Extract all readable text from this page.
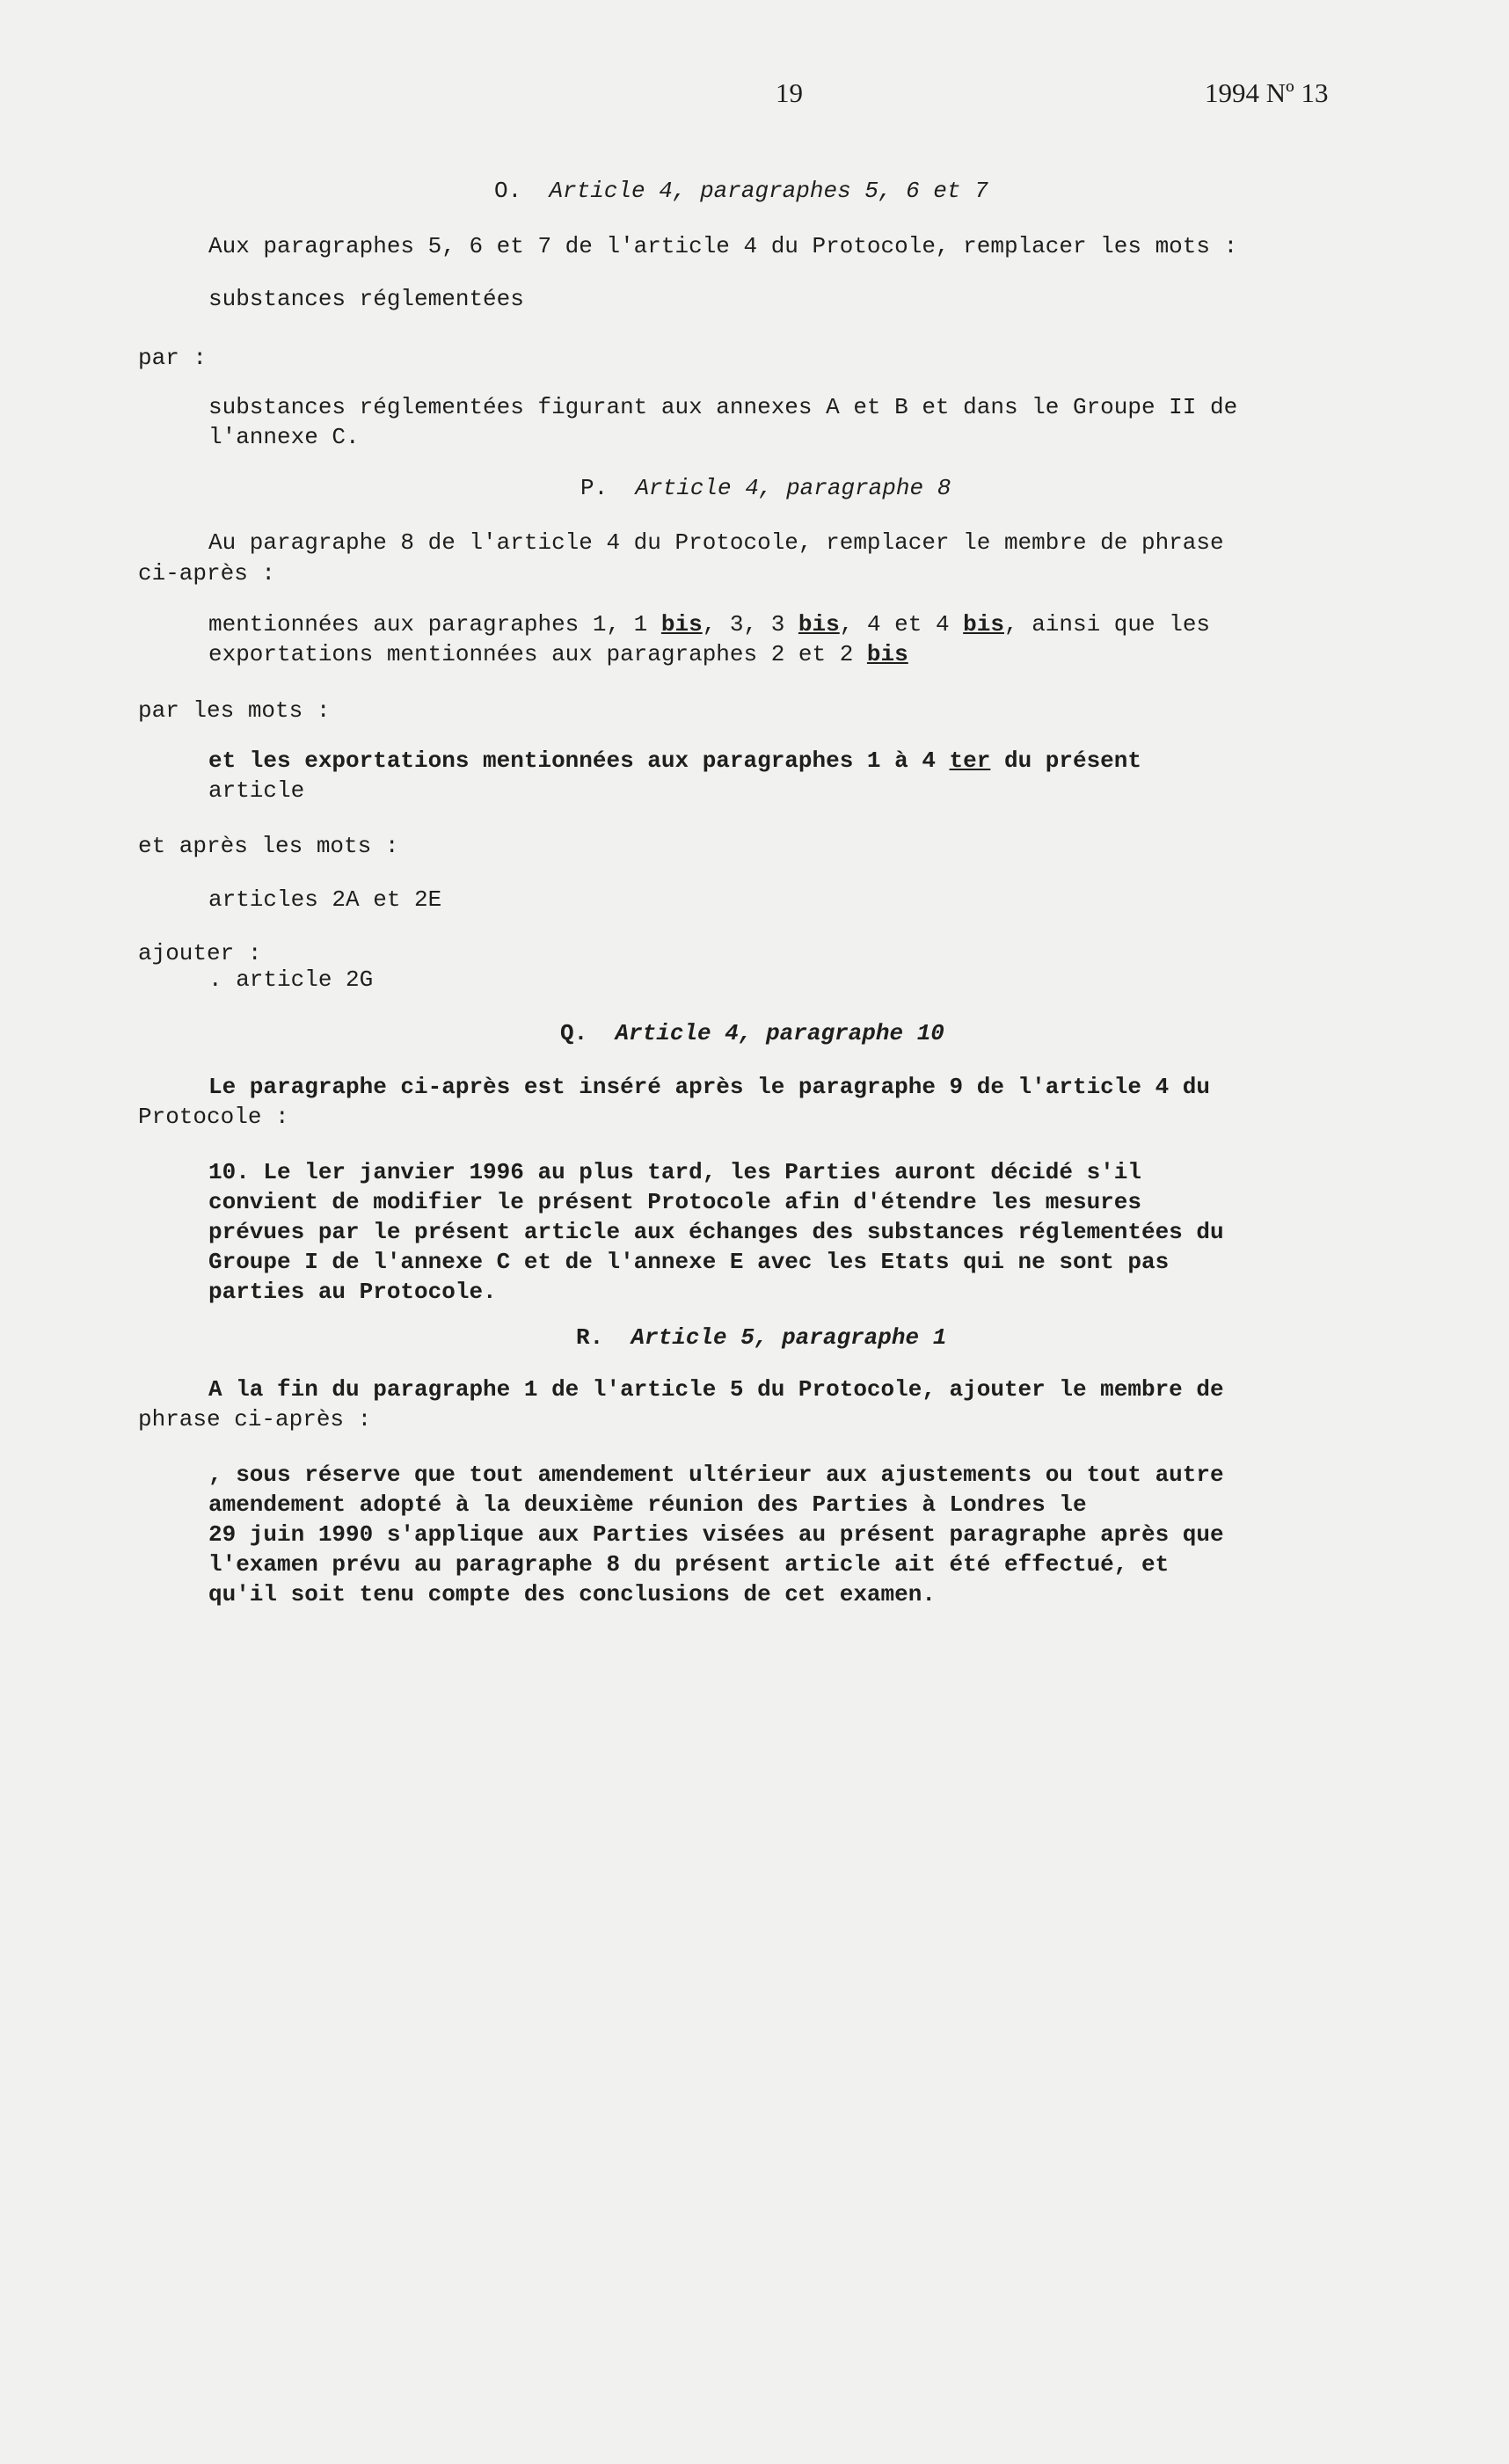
19	1994 Nº 13
O. Article 4, paragraphes 5, 6 et 7
Aux paragraphes 5, 6 et 7 de l'article 4 du Protocole, remplacer les mots :
substances réglementées
par :
substances réglementées figurant aux annexes A et B et dans le Groupe II de
l'annexe C.
P. Article 4, paragraphe 8
Au paragraphe 8 de l'article 4 du Protocole, remplacer le membre de phrase
ci-après :
mentionnées aux paragraphes 1, 1 bis, 3, 3 bis, 4 et 4 bis, ainsi que les
exportations mentionnées aux paragraphes 2 et 2 bis
par les mots :
et les exportations mentionnées aux paragraphes 1 à 4 ter du présent
article
et après les mots :
articles 2A et 2E
ajouter :
. article 2G
Q. Article 4, paragraphe 10
Le paragraphe ci-après est inséré après le paragraphe 9 de l'article 4 du
Protocole :
10. Le ler janvier 1996 au plus tard, les Parties auront décidé s'il
convient de modifier le présent Protocole afin d'étendre les mesures
prévues par le présent article aux échanges des substances réglementées du
Groupe I de l'annexe C et de l'annexe E avec les Etats qui ne sont pas
parties au Protocole.
R. Article 5, paragraphe 1
A la fin du paragraphe 1 de l'article 5 du Protocole, ajouter le membre de
phrase ci-après :
, sous réserve que tout amendement ultérieur aux ajustements ou tout autre
amendement adopté à la deuxième réunion des Parties à Londres le
29 juin 1990 s'applique aux Parties visées au présent paragraphe après que
l'examen prévu au paragraphe 8 du présent article ait été effectué, et
qu'il soit tenu compte des conclusions de cet examen.
